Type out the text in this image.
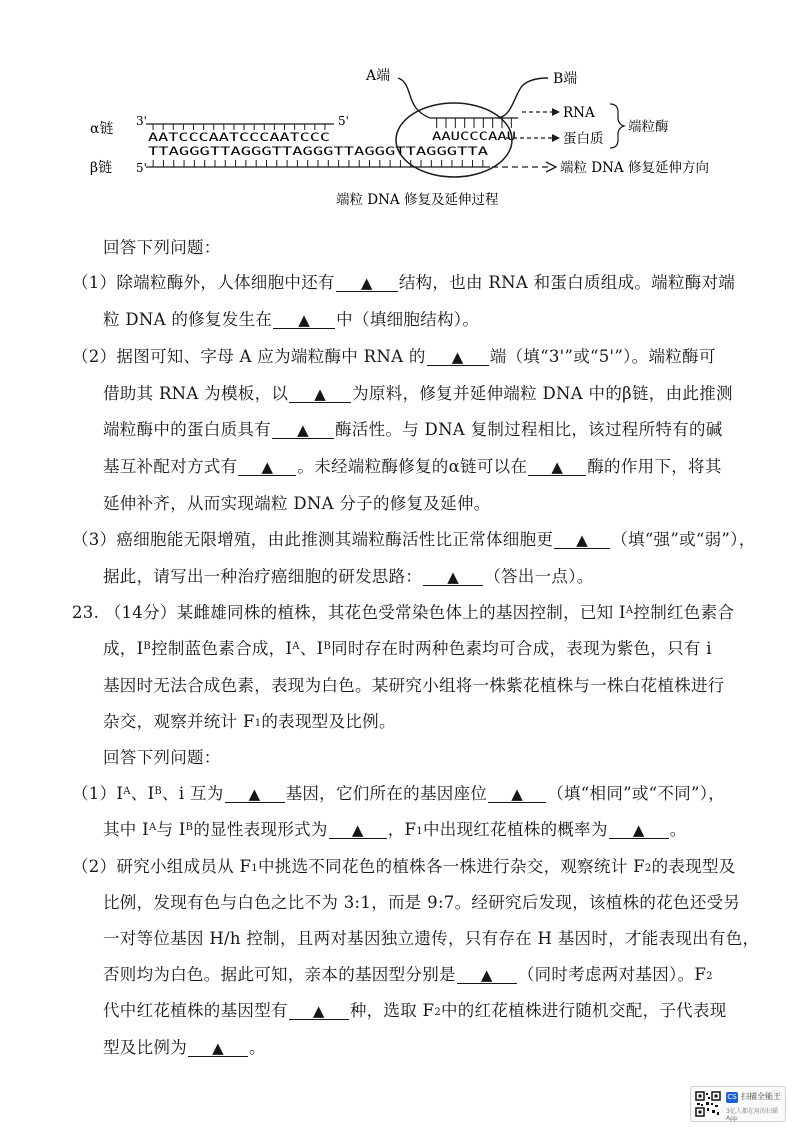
A端	B端
AAUCCCAAU
α链 3'	5'
AATCCCAATCCCAATCCC
TTAGGGTTAGGGTTAGGGTTAGGGTTAGGGTTA
β链 5'	端粒 DNA 修复延伸方向
RNA
蛋白质
端粒酶
端粒 DNA 修复及延伸过程
回答下列问题：
（1）除端粒酶外，人体细胞中还有 ▲ 结构，也由 RNA 和蛋白质组成。端粒酶对端
粒 DNA 的修复发生在 ▲ 中（填细胞结构）。
（2）据图可知、字母 A 应为端粒酶中 RNA 的 ▲ 端（填“3'”或“5'”）。端粒酶可
借助其 RNA 为模板，以 ▲ 为原料，修复并延伸端粒 DNA 中的β链，由此推测
端粒酶中的蛋白质具有 ▲ 酶活性。与 DNA 复制过程相比，该过程所特有的碱
基互补配对方式有 ▲ 。未经端粒酶修复的α链可以在 ▲ 酶的作用下，将其
延伸补齐，从而实现端粒 DNA 分子的修复及延伸。
（3）癌细胞能无限增殖，由此推测其端粒酶活性比正常体细胞更 ▲ （填“强”或“弱”），
据此，请写出一种治疗癌细胞的研发思路： ▲ （答出一点）。
23. （14分）某雌雄同株的植株，其花色受常染色体上的基因控制，已知 $I^A$控制红色素合
成，$I^B$控制蓝色素合成，$I^A$、$I^B$同时存在时两种色素均可合成，表现为紫色，只有 i
基因时无法合成色素，表现为白色。某研究小组将一株紫花植株与一株白花植株进行
杂交，观察并统计 $F_1$的表现型及比例。
回答下列问题：
$(1)I^A$、$I^B$、i 互为 ▲ 基因，它们所在的基因座位 ▲ （填“相同”或“不同”），
其中 $I^A$与 $I^B$的显性表现形式为 ▲ ，$F_1$中出现红花植株的概率为 ▲ 。
（2）研究小组成员从 $F_1$中挑选不同花色的植株各一株进行杂交，观察统计 $F_2$的表现型及
比例，发现有色与白色之比不为 3:1，而是 9:7。经研究后发现，该植株的花色还受另
一对等位基因 H/h 控制，且两对基因独立遗传，只有存在 H 基因时，才能表现出有色，
否则均为白色。据此可知，亲本的基因型分别是 ▲ （同时考虑两对基因）。$F_2$
代中红花植株的基因型有 ▲ 种，选取 $F_2$中的红花植株进行随机交配，子代表现
型及比例为 ▲ 。
CS 扫描全能王
3亿人都在用的扫描App
